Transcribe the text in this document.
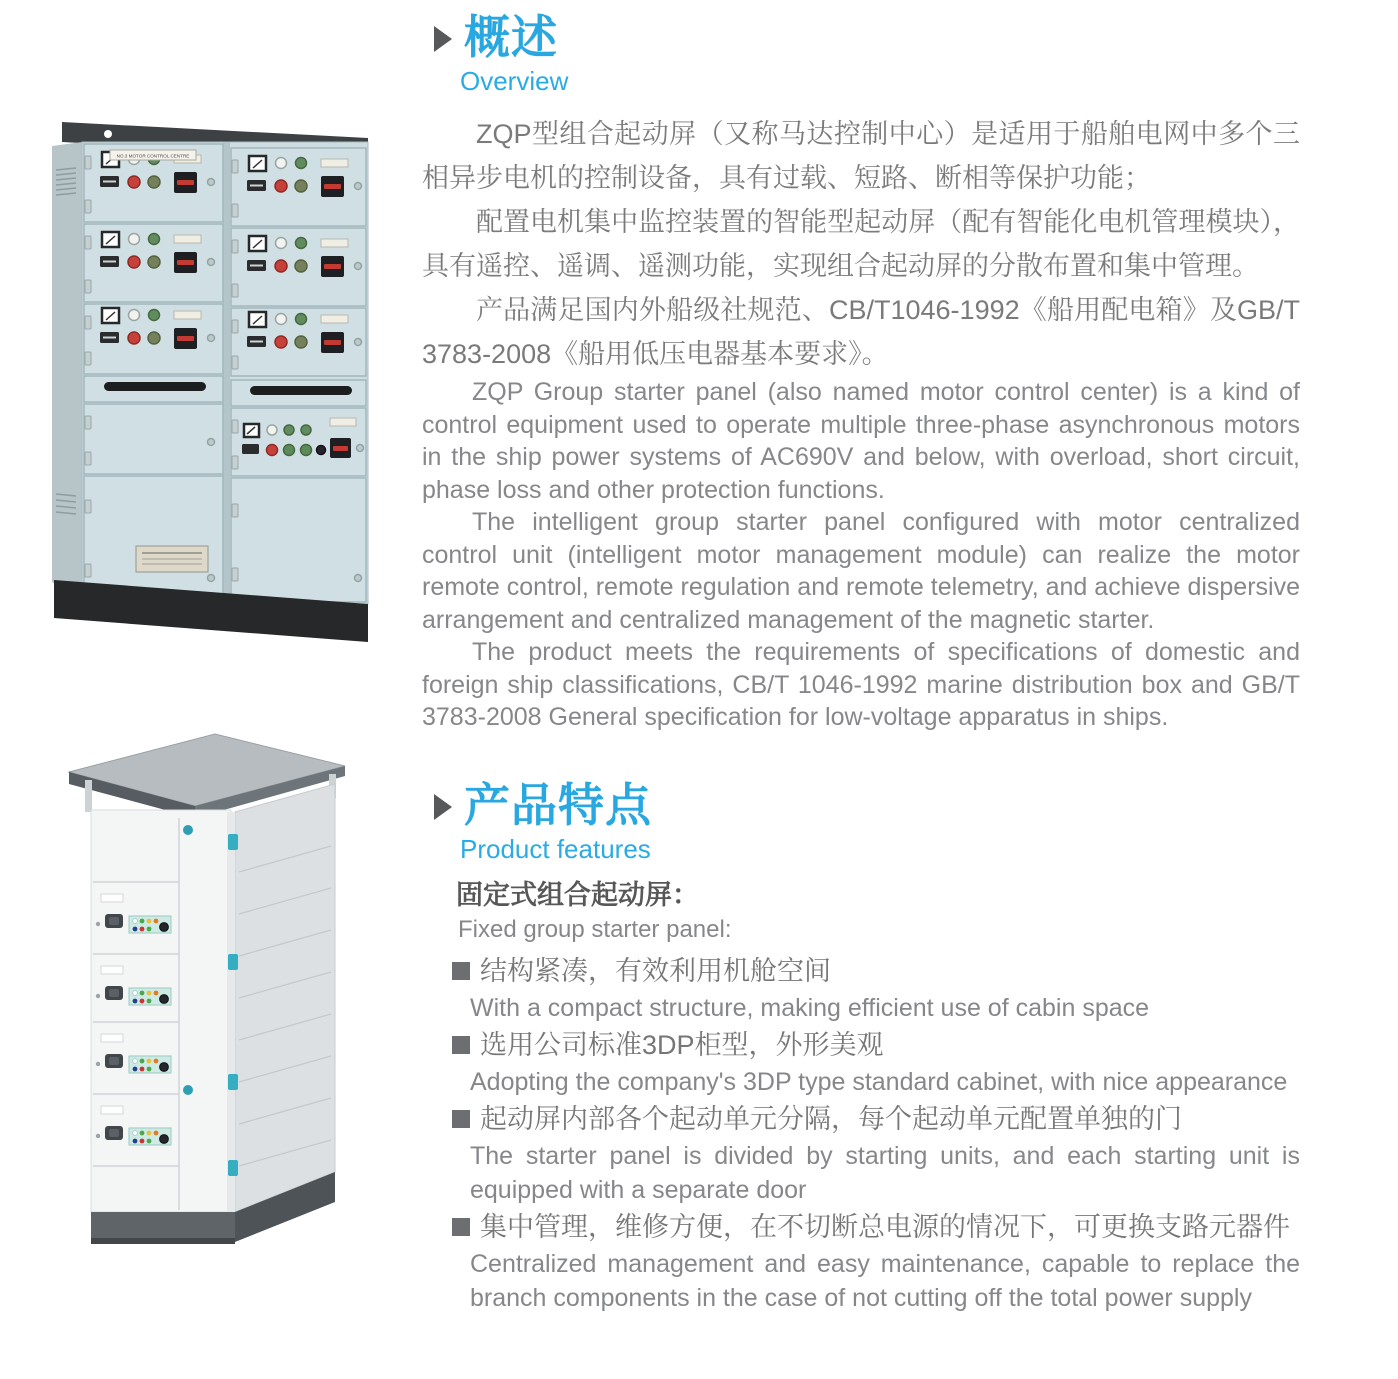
NO.3 MOTOR CONTROL CENTRE
概述
Overview

ZQP型组合起动屏（又称马达控制中心）是适用于船舶电网中多个三相异步电机的控制设备，具有过载、短路、断相等保护功能；

配置电机集中监控装置的智能型起动屏（配有智能化电机管理模块），具有遥控、遥调、遥测功能，实现组合起动屏的分散布置和集中管理。

产品满足国内外船级社规范、CB/T1046-1992《船用配电箱》及GB/T 3783-2008《船用低压电器基本要求》。

ZQP Group starter panel (also named motor control center) is a kind of control equipment used to operate multiple three-phase asynchronous motors in the ship power systems of AC690V and below, with overload, short circuit, phase loss and other protection functions.

The intelligent group starter panel configured with motor centralized control unit (intelligent motor management module) can realize the motor remote control, remote regulation and remote telemetry, and achieve dispersive arrangement and centralized management of the magnetic starter.

The product meets the requirements of specifications of domestic and foreign ship classifications, CB/T 1046-1992 marine distribution box and GB/T 3783-2008 General specification for low-voltage apparatus in ships.

产品特点
Product features
固定式组合起动屏：
Fixed group starter panel:
结构紧凑，有效利用机舱空间
With a compact structure, making efficient use of cabin space
选用公司标准3DP柜型，外形美观
Adopting the company's 3DP type standard cabinet, with nice appearance
起动屏内部各个起动单元分隔，每个起动单元配置单独的门
The starter panel is divided by starting units, and each starting unit is equipped with a separate door
集中管理，维修方便，在不切断总电源的情况下，可更换支路元器件
Centralized management and easy maintenance, capable to replace the branch components in the case of not cutting off the total power supply
